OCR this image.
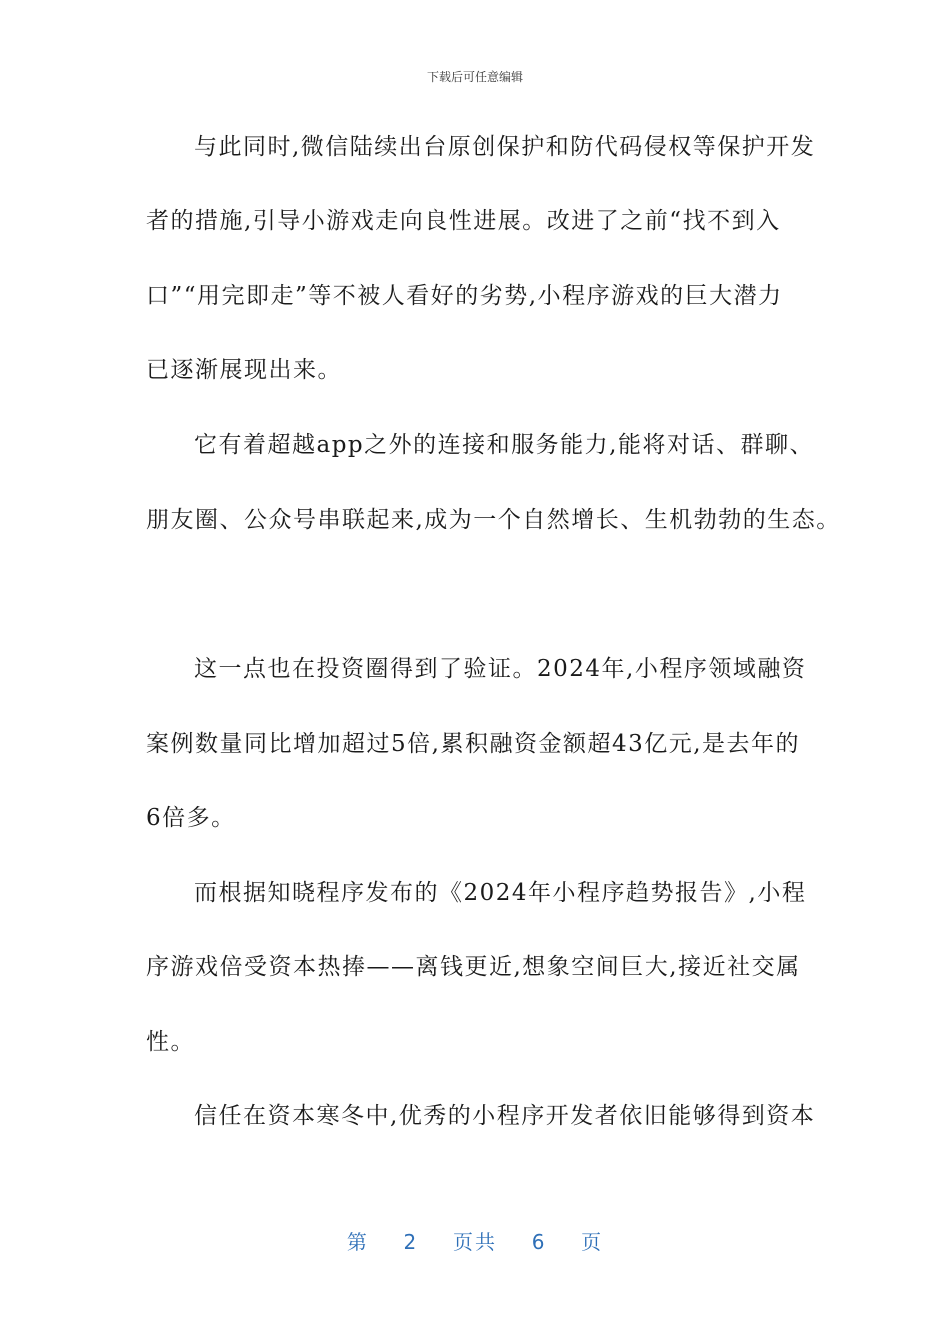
下载后可任意编辑
与此同时,微信陆续出台原创保护和防代码侵权等保护开发
者的措施,引导小游戏走向良性进展。改进了之前“找不到入
口”“用完即走”等不被人看好的劣势,小程序游戏的巨大潜力
已逐渐展现出来。
它有着超越app之外的连接和服务能力,能将对话、群聊、
朋友圈、公众号串联起来,成为一个自然增长、生机勃勃的生态。
这一点也在投资圈得到了验证。2024年,小程序领域融资
案例数量同比增加超过5倍,累积融资金额超43亿元,是去年的
6倍多。
而根据知晓程序发布的《2024年小程序趋势报告》,小程
序游戏倍受资本热捧——离钱更近,想象空间巨大,接近社交属
性。
信任在资本寒冬中,优秀的小程序开发者依旧能够得到资本
第 2 页共 6 页
